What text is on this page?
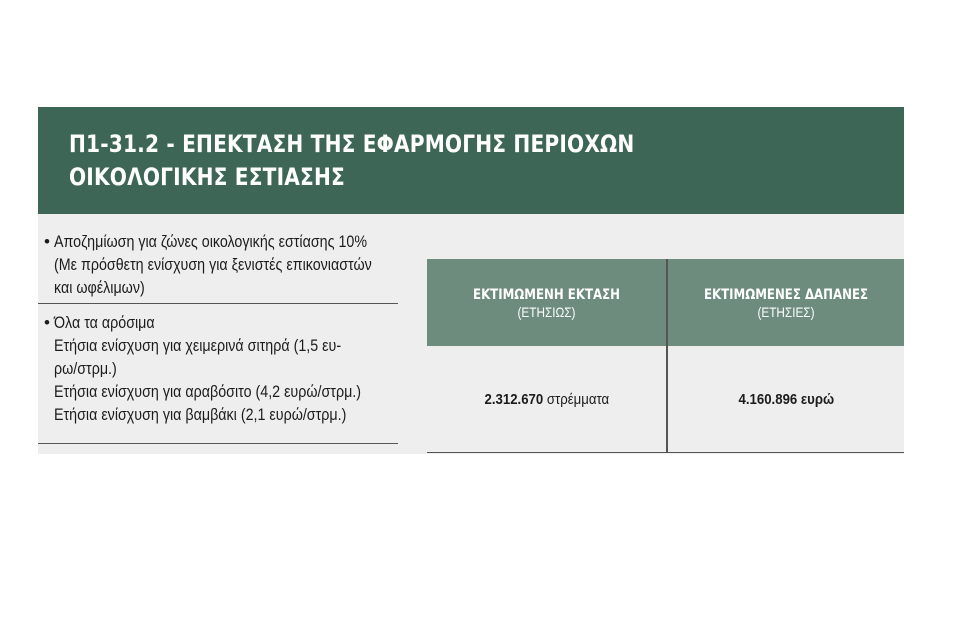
Π1-31.2 - ΕΠΕΚΤΑΣΗ ΤΗΣ ΕΦΑΡΜΟΓΗΣ ΠΕΡΙΟΧΩΝ
ΟΙΚΟΛΟΓΙΚΗΣ ΕΣΤΙΑΣΗΣ
• Αποζημίωση για ζώνες οικολογικής εστίασης 10%
(Με πρόσθετη ενίσχυση για ξενιστές επικονιαστών
και ωφέλιμων)
• Όλα τα αρόσιμα
Ετήσια ενίσχυση για χειμερινά σιτηρά (1,5 ευ-
ρω/στρμ.)
Ετήσια ενίσχυση για αραβόσιτο (4,2 ευρώ/στρμ.)
Ετήσια ενίσχυση για βαμβάκι (2,1 ευρώ/στρμ.)
ΕΚΤΙΜΩΜΕΝΗ ΕΚΤΑΣΗ
(ΕΤΗΣΙΩΣ)
ΕΚΤΙΜΩΜΕΝΕΣ ΔΑΠΑΝΕΣ
(ΕΤΗΣΙΕΣ)
2.312.670 στρέμματα	4.160.896 ευρώ
